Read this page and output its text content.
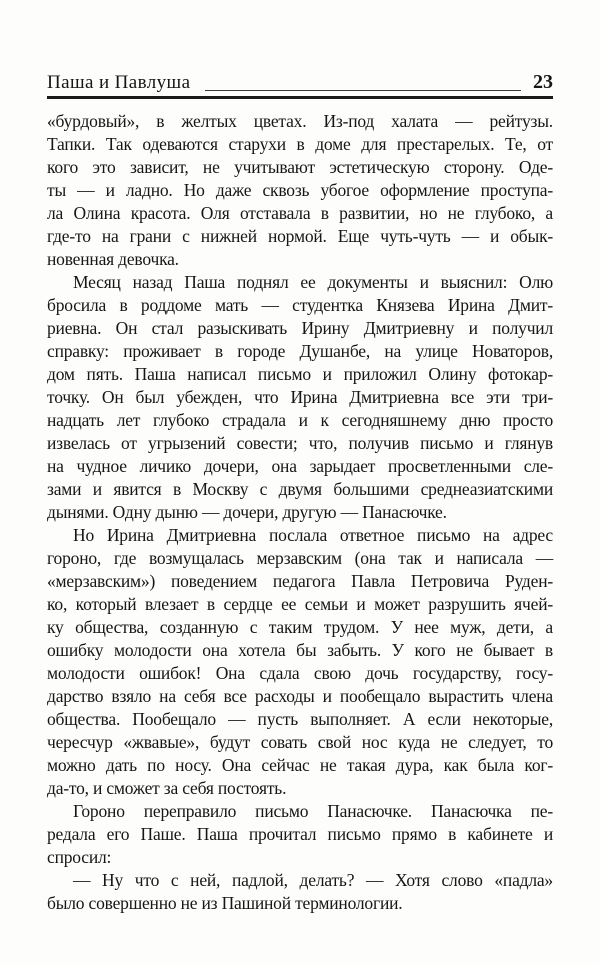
Паша и Павлуша	23
«бурдовый», в желтых цветах. Из-под халата — рейтузы.
Тапки. Так одеваются старухи в доме для престарелых. Те, от
кого это зависит, не учитывают эстетическую сторону. Оде-
ты — и ладно. Но даже сквозь убогое оформление проступа-
ла Олина красота. Оля отставала в развитии, но не глубоко, а
где-то на грани с нижней нормой. Еще чуть-чуть — и обык-
новенная девочка.
Месяц назад Паша поднял ее документы и выяснил: Олю
бросила в роддоме мать — студентка Князева Ирина Дмит-
риевна. Он стал разыскивать Ирину Дмитриевну и получил
справку: проживает в городе Душанбе, на улице Новаторов,
дом пять. Паша написал письмо и приложил Олину фотокар-
точку. Он был убежден, что Ирина Дмитриевна все эти три-
надцать лет глубоко страдала и к сегодняшнему дню просто
извелась от угрызений совести; что, получив письмо и глянув
на чудное личико дочери, она зарыдает просветленными сле-
зами и явится в Москву с двумя большими среднеазиатскими
дынями. Одну дыню — дочери, другую — Панасючке.
Но Ирина Дмитриевна послала ответное письмо на адрес
гороно, где возмущалась мерзавским (она так и написала —
«мерзавским») поведением педагога Павла Петровича Руден-
ко, который влезает в сердце ее семьи и может разрушить ячей-
ку общества, созданную с таким трудом. У нее муж, дети, а
ошибку молодости она хотела бы забыть. У кого не бывает в
молодости ошибок! Она сдала свою дочь государству, госу-
дарство взяло на себя все расходы и пообещало вырастить члена
общества. Пообещало — пусть выполняет. А если некоторые,
чересчур «жвавые», будут совать свой нос куда не следует, то
можно дать по носу. Она сейчас не такая дура, как была ког-
да-то, и сможет за себя постоять.
Гороно переправило письмо Панасючке. Панасючка пе-
редала его Паше. Паша прочитал письмо прямо в кабинете и
спросил:
— Ну что с ней, падлой, делать? — Хотя слово «падла»
было совершенно не из Пашиной терминологии.
